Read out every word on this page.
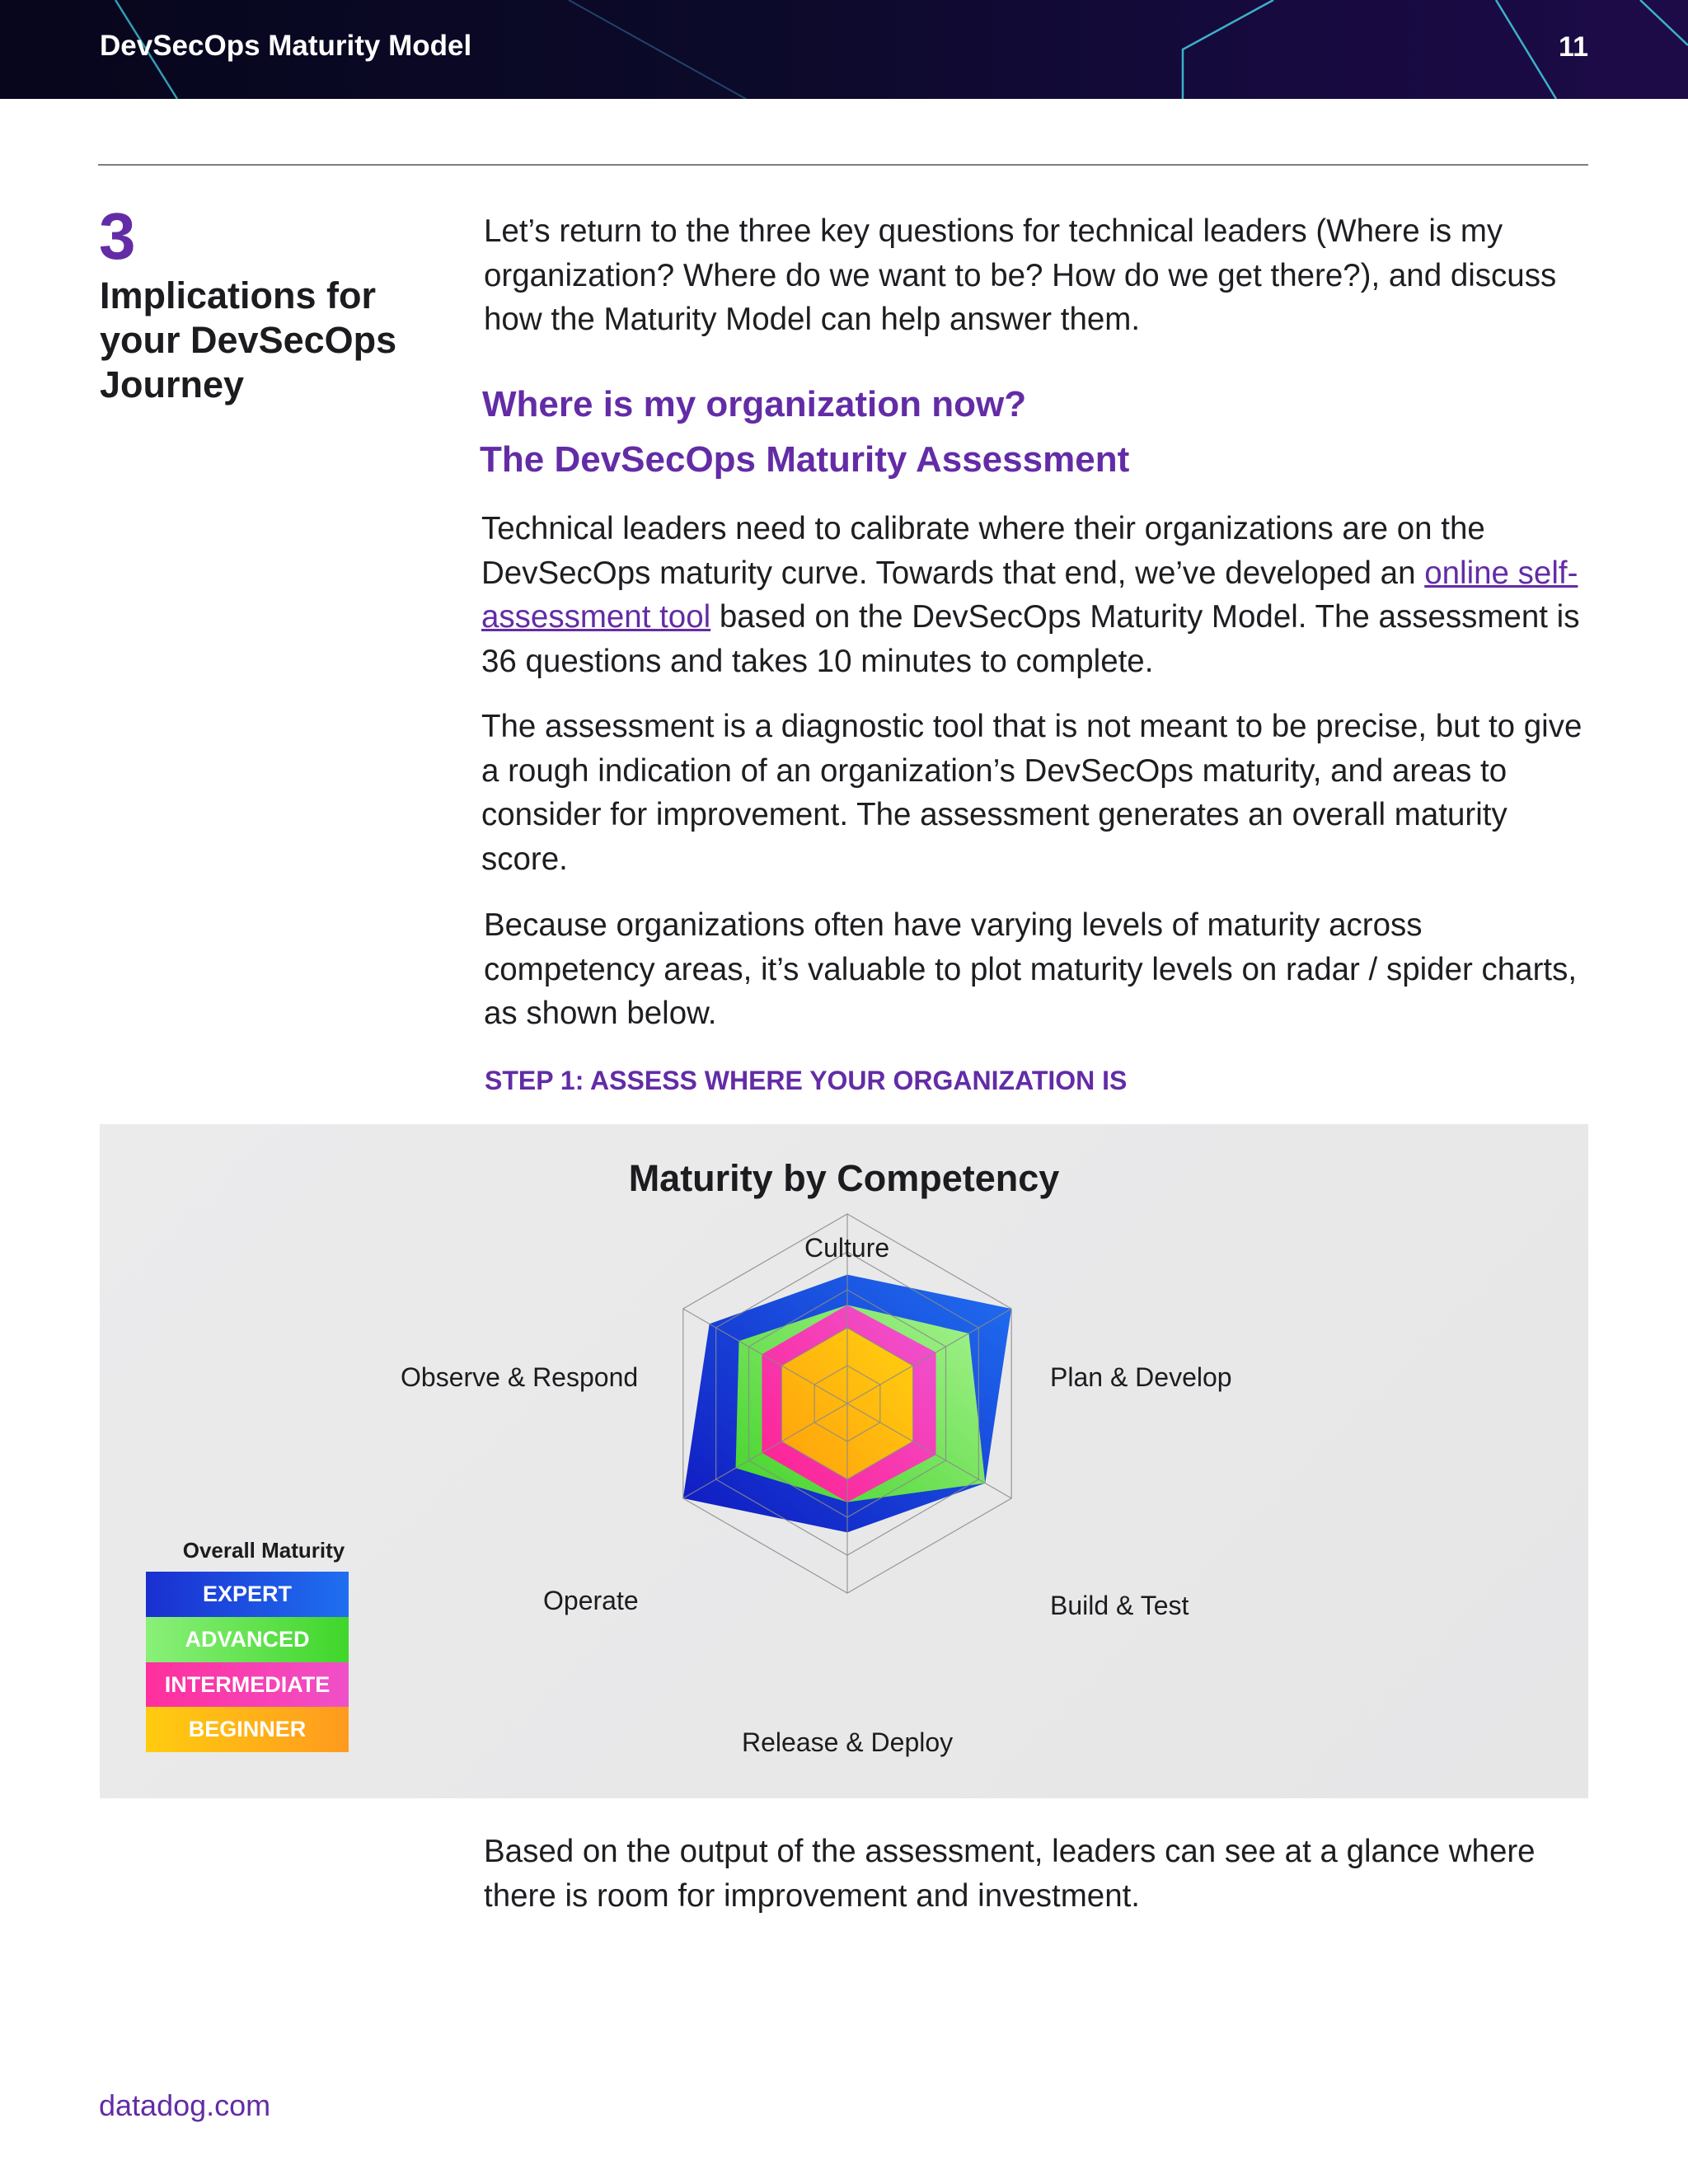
DevSecOps Maturity Model	11
3
Implications for your DevSecOps Journey

Let’s return to the three key questions for technical leaders (Where is my organization? Where do we want to be? How do we get there?), and discuss how the Maturity Model can help answer them.

Where is my organization now?
The DevSecOps Maturity Assessment

Technical leaders need to calibrate where their organizations are on the DevSecOps maturity curve. Towards that end, we’ve developed an online self-assessment tool based on the DevSecOps Maturity Model. The assessment is 36 questions and takes 10 minutes to complete.

The assessment is a diagnostic tool that is not meant to be precise, but to give a rough indication of an organization’s DevSecOps maturity, and areas to consider for improvement. The assessment generates an overall maturity score.

Because organizations often have varying levels of maturity across competency areas, it’s valuable to plot maturity levels on radar / spider charts, as shown below.

STEP 1: ASSESS WHERE YOUR ORGANIZATION IS
Maturity by Competency
Culture
Plan & Develop
Build & Test
Release & Deploy
Operate
Observe & Respond
Overall Maturity
EXPERT
ADVANCED
INTERMEDIATE
BEGINNER

Based on the output of the assessment, leaders can see at a glance where there is room for improvement and investment.

datadog.com
